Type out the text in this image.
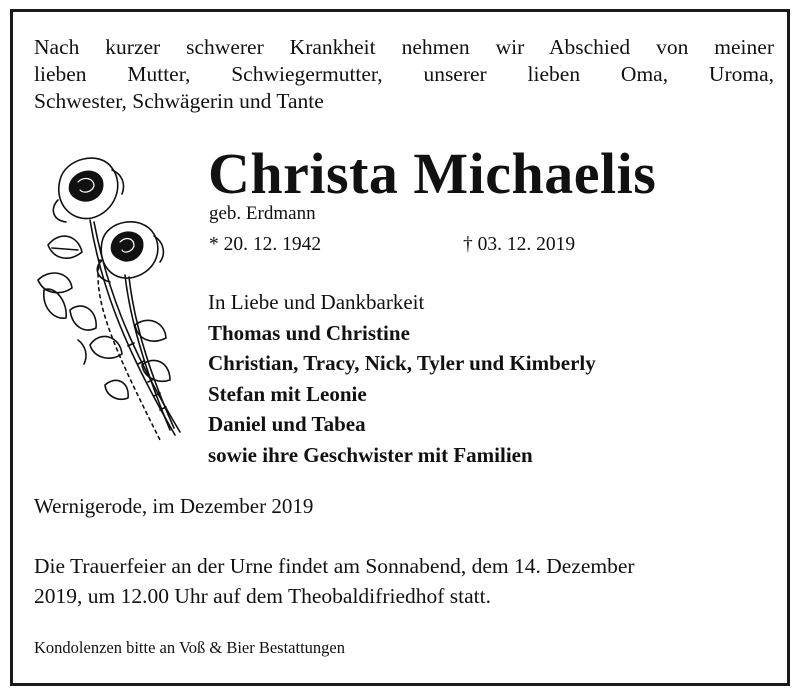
Nach kurzer schwerer Krankheit nehmen wir Abschied von meiner
lieben Mutter, Schwiegermutter, unserer lieben Oma, Uroma,
Schwester, Schwägerin und Tante
Christa Michaelis
geb. Erdmann
* 20. 12. 1942	† 03. 12. 2019
In Liebe und Dankbarkeit
Thomas und Christine
Christian, Tracy, Nick, Tyler und Kimberly
Stefan mit Leonie
Daniel und Tabea
sowie ihre Geschwister mit Familien
Wernigerode, im Dezember 2019
Die Trauerfeier an der Urne findet am Sonnabend, dem 14. Dezember
2019, um 12.00 Uhr auf dem Theobaldifriedhof statt.
Kondolenzen bitte an Voß & Bier Bestattungen
